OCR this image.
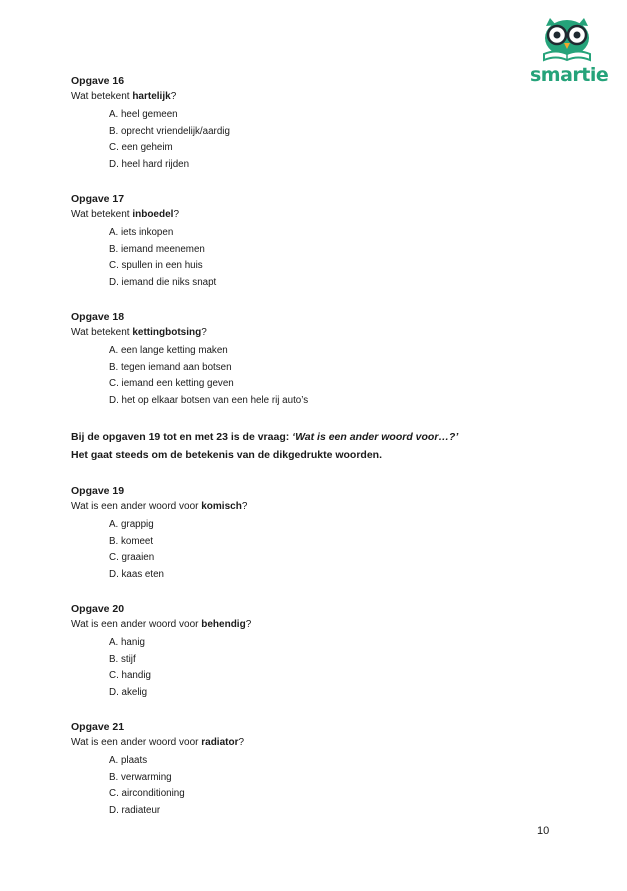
smartie

Opgave 16

Wat betekent hartelijk?

A. heel gemeen
B. oprecht vriendelijk/aardig
C. een geheim
D. heel hard rijden

Opgave 17

Wat betekent inboedel?

A. iets inkopen
B. iemand meenemen
C. spullen in een huis
D. iemand die niks snapt

Opgave 18

Wat betekent kettingbotsing?

A. een lange ketting maken
B. tegen iemand aan botsen
C. iemand een ketting geven
D. het op elkaar botsen van een hele rij auto’s

Bij de opgaven 19 tot en met 23 is de vraag: ‘Wat is een ander woord voor…?’

Het gaat steeds om de betekenis van de dikgedrukte woorden.

Opgave 19

Wat is een ander woord voor komisch?

A. grappig
B. komeet
C. graaien
D. kaas eten

Opgave 20

Wat is een ander woord voor behendig?

A. hanig
B. stijf
C. handig
D. akelig

Opgave 21

Wat is een ander woord voor radiator?

A. plaats
B. verwarming
C. airconditioning
D. radiateur
10
